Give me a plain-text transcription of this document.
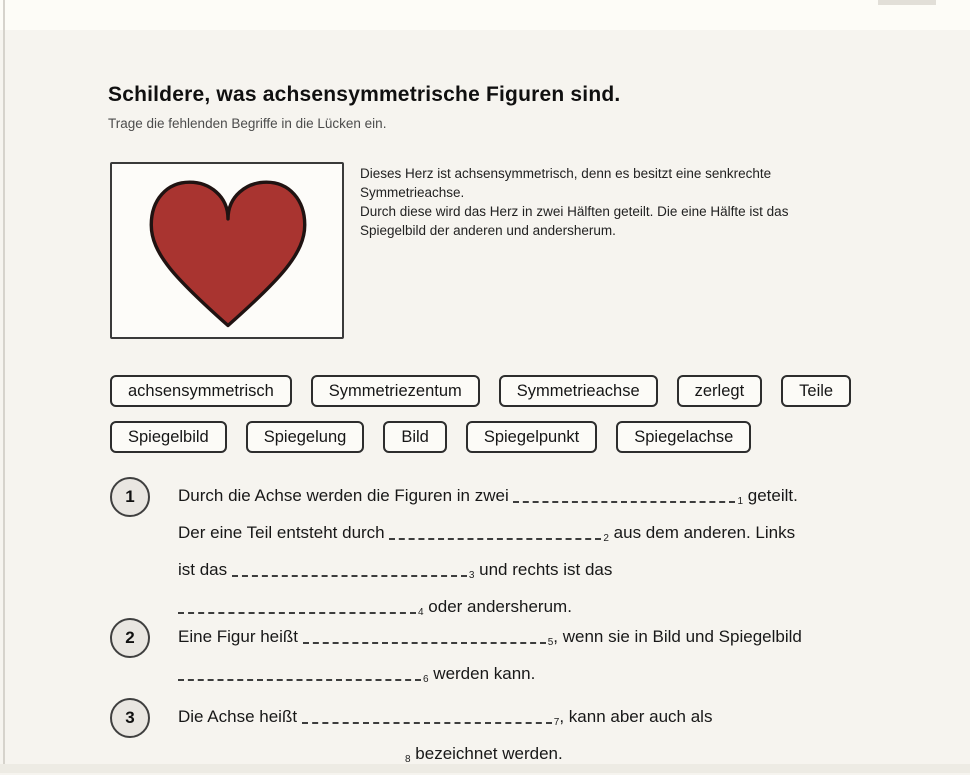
Schildere, was achsensymmetrische Figuren sind.
Trage die fehlenden Begriffe in die Lücken ein.
Dieses Herz ist achsensymmetrisch, denn es besitzt eine senkrechte
Symmetrieachse.
Durch diese wird das Herz in zwei Hälften geteilt. Die eine Hälfte ist das
Spiegelbild der anderen und andersherum.
achsensymmetrisch	Symmetriezentum	Symmetrieachse	zerlegt	Teile
Spiegelbild	Spiegelung	Bild	Spiegelpunkt	Spiegelachse
1	Durch die Achse werden die Figuren in zwei	$_1$ geteilt.
Der eine Teil entsteht durch	$_2$ aus dem anderen. Links
ist das	$_3$ und rechts ist das
$_4$ oder andersherum.
2	Eine Figur heißt	$_5$, wenn sie in Bild und Spiegelbild
$_6$ werden kann.
3	Die Achse heißt	$_7$, kann aber auch als
$_8$ bezeichnet werden.
